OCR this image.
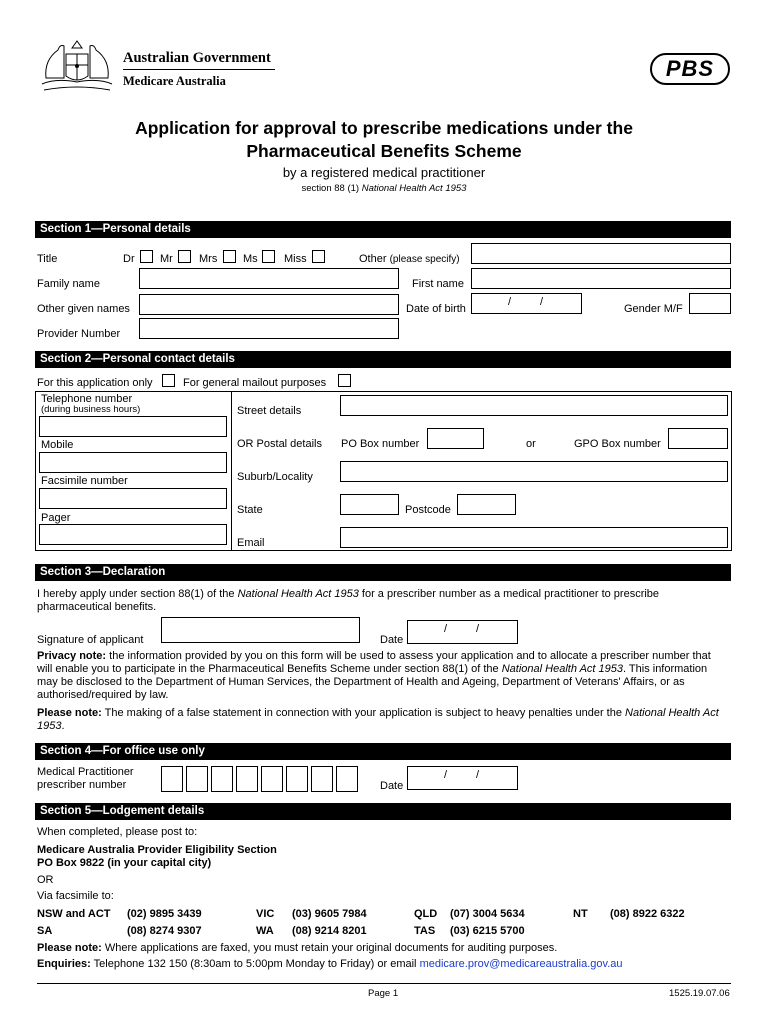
Australian Government
Medicare Australia	PBS
Application for approval to prescribe medications under the
Pharmaceutical Benefits Scheme
by a registered medical practitioner
section 88 (1) National Health Act 1953
Section 1—Personal details
Title	Dr Mr Mrs Ms Miss	Other (please specify)
Family name	First name
Other given names	Date of birth
/	/
Gender M/F
Provider Number
Section 2—Personal contact details
For this application only	For general mailout purposes
Telephone number
(during business hours)
Mobile
Facsimile number
Pager
Street details
OR Postal details PO Box number	or	GPO Box number
Suburb/Locality
State	Postcode
Email
Section 3—Declaration
I hereby apply under section 88(1) of the National Health Act 1953 for a prescriber number as a medical practitioner to prescribe
pharmaceutical benefits.
Signature of applicant	Date
/	/
Privacy note: the information provided by you on this form will be used to assess your application and to allocate a prescriber number that will enable you to participate in the Pharmaceutical Benefits Scheme under section 88(1) of the National Health Act 1953. This information may be disclosed to the Department of Human Services, the Department of Health and Ageing, Department of Veterans' Affairs, or as authorised/required by law.
Please note: The making of a false statement in connection with your application is subject to heavy penalties under the National Health Act 1953.
Section 4—For office use only
Medical Practitioner
prescriber number	Date
/	/
Section 5—Lodgement details
When completed, please post to:
Medicare Australia Provider Eligibility Section
PO Box 9822 (in your capital city)
OR
Via facsimile to:
NSW and ACT (02) 9895 3439	VIC (03) 9605 7984	QLD (07) 3004 5634	NT (08) 8922 6322
SA	(08) 8274 9307	WA (08) 9214 8201	TAS (03) 6215 5700
Please note: Where applications are faxed, you must retain your original documents for auditing purposes.
Enquiries: Telephone 132 150 (8:30am to 5:00pm Monday to Friday) or email medicare.prov@medicareaustralia.gov.au
Page 1	1525.19.07.06
